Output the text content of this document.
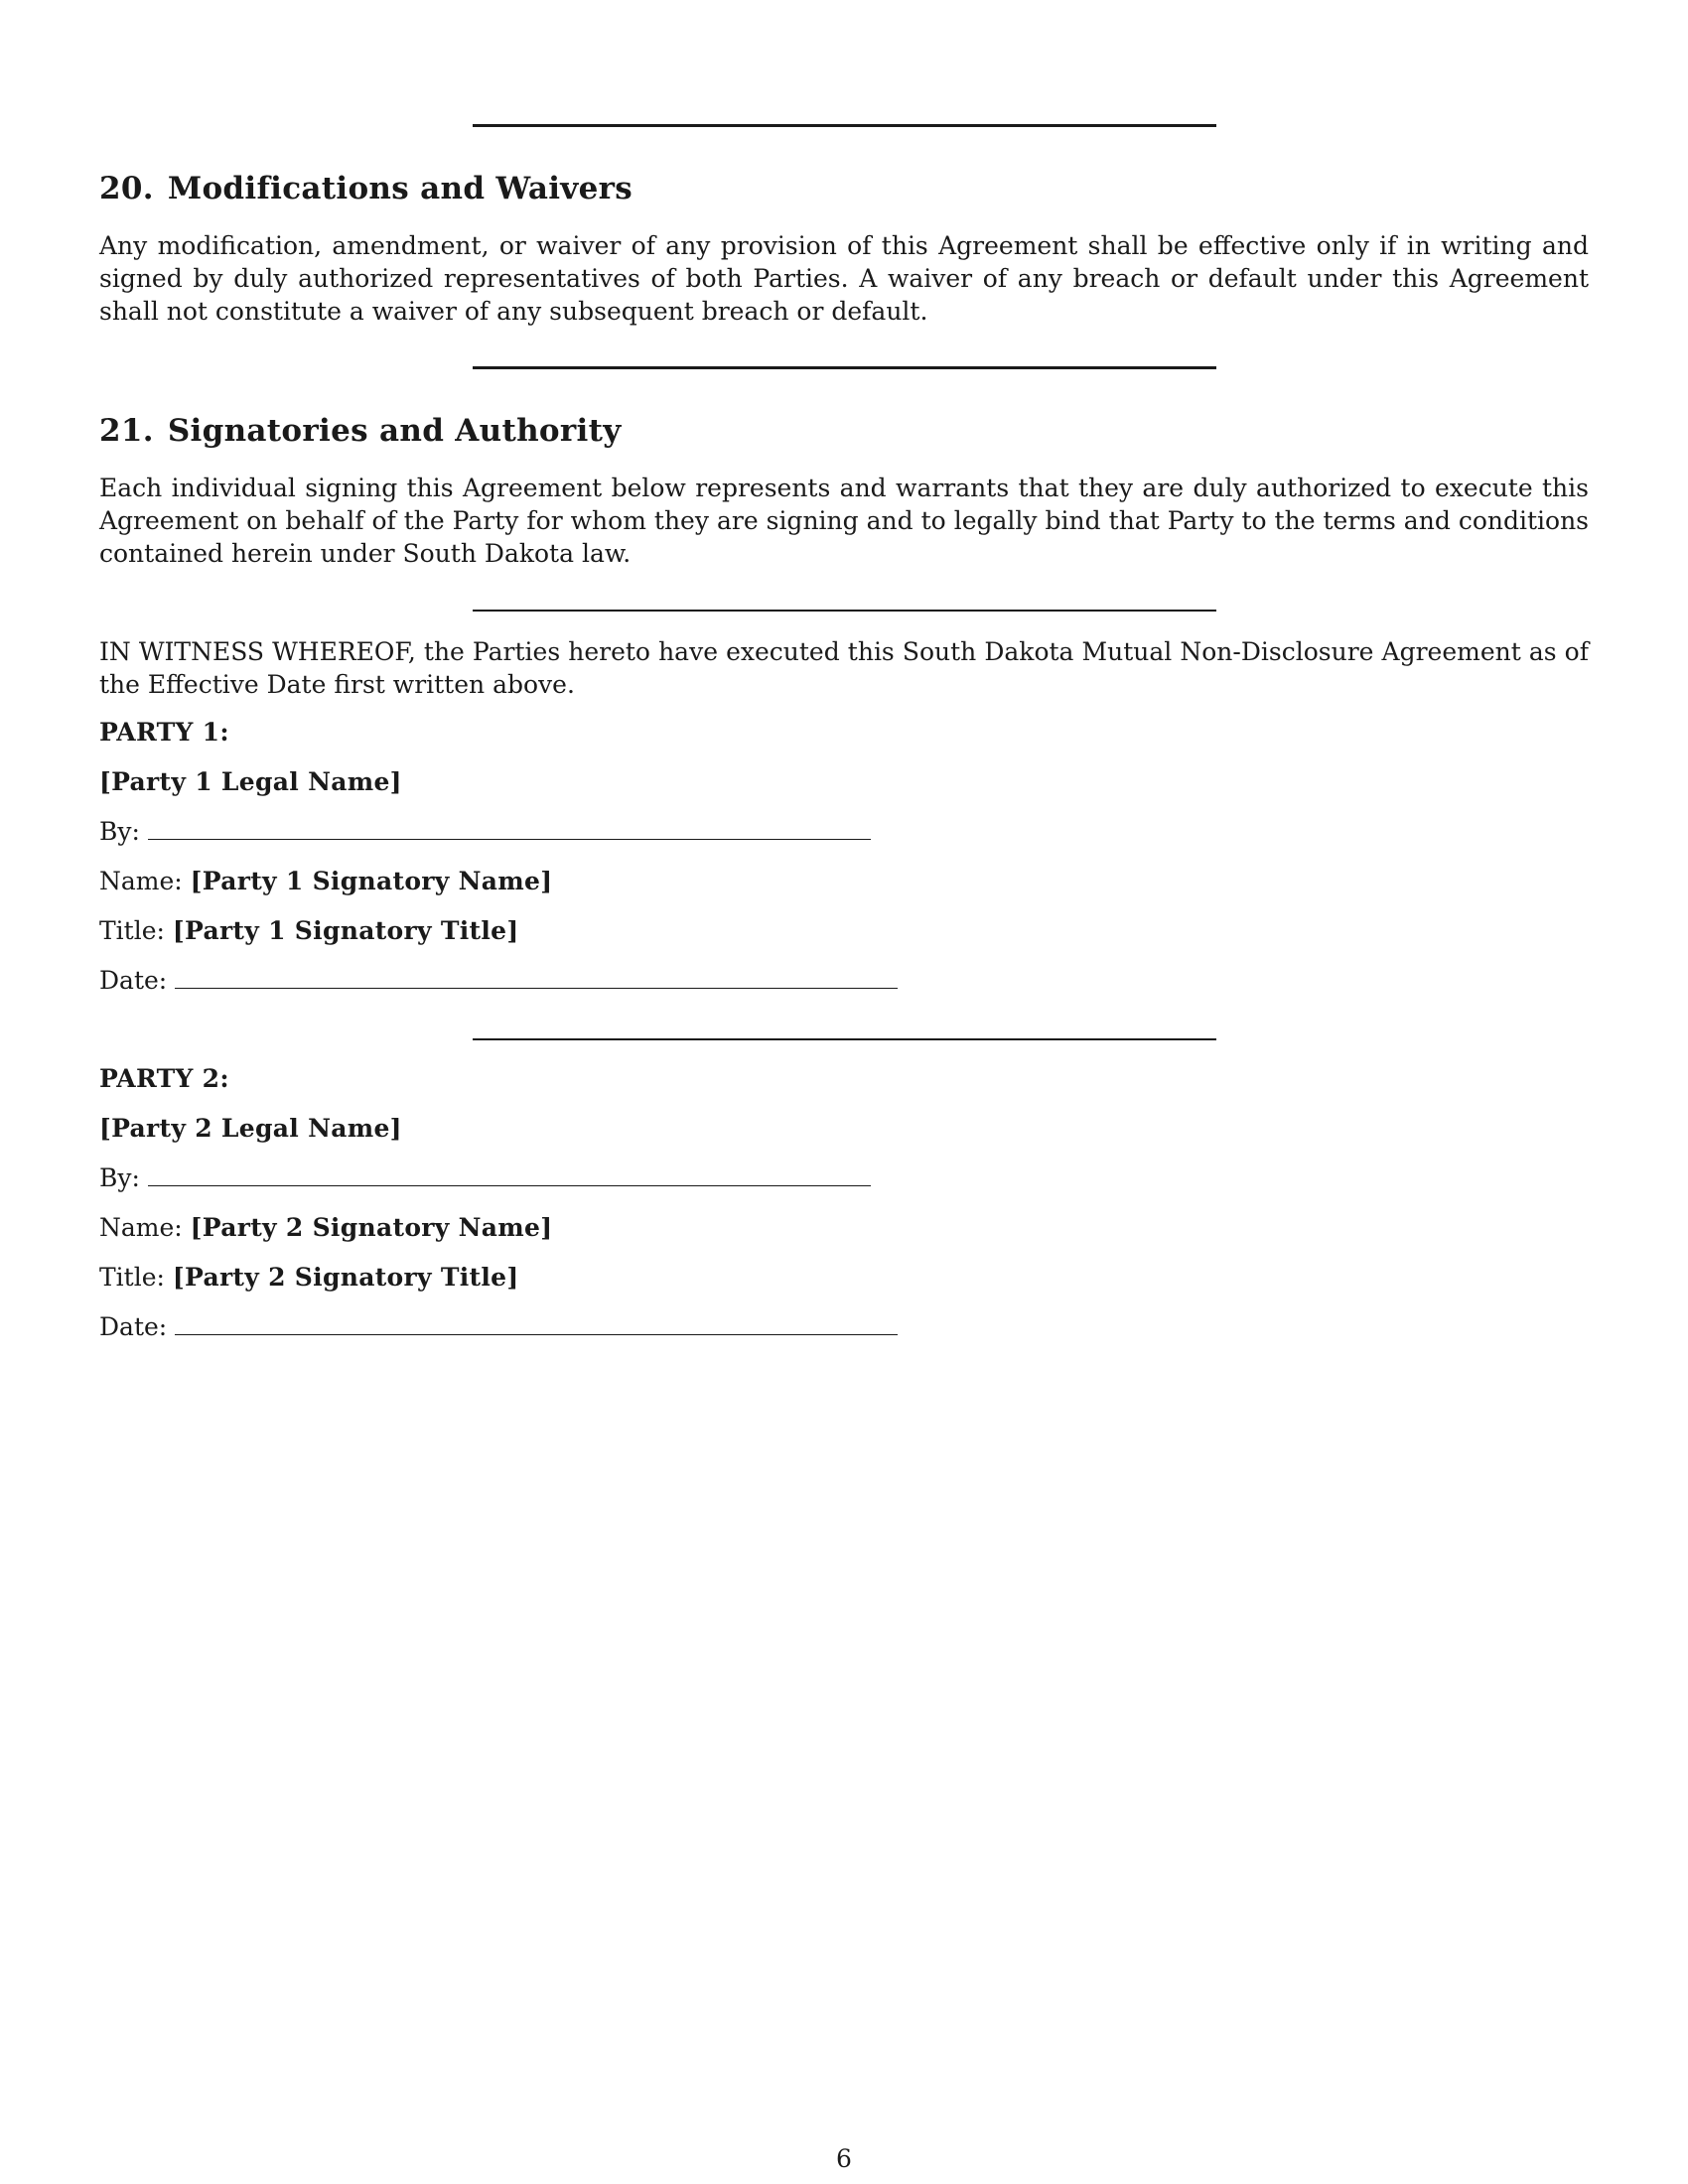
20. Modifications and Waivers

Any modification, amendment, or waiver of any provision of this Agreement shall be effective only if in writing and signed by duly authorized representatives of both Parties. A waiver of any breach or default under this Agreement shall not constitute a waiver of any subsequent breach or default.

21. Signatories and Authority

Each individual signing this Agreement below represents and warrants that they are duly authorized to execute this Agreement on behalf of the Party for whom they are signing and to legally bind that Party to the terms and conditions contained herein under South Dakota law.

IN WITNESS WHEREOF, the Parties hereto have executed this South Dakota Mutual Non-Disclosure Agreement as of the Effective Date first written above.

PARTY 1:
[Party 1 Legal Name]
By:
Name: [Party 1 Signatory Name]
Title: [Party 1 Signatory Title]
Date:
PARTY 2:
[Party 2 Legal Name]
By:
Name: [Party 2 Signatory Name]
Title: [Party 2 Signatory Title]
Date:
6
